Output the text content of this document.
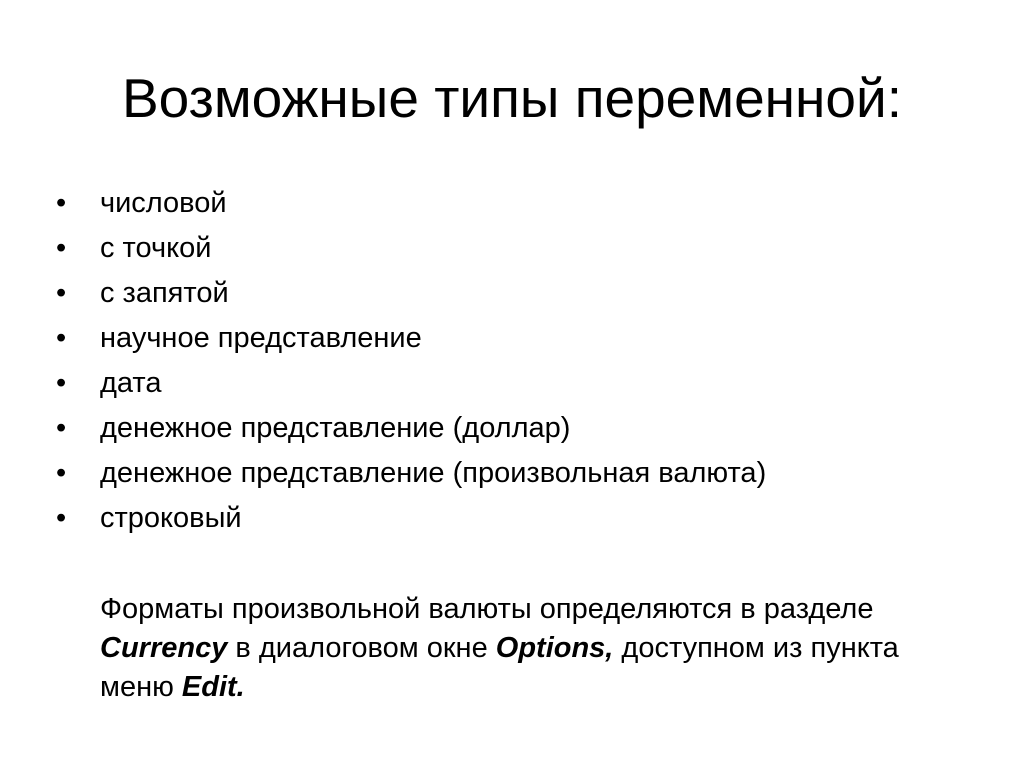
Возможные типы переменной:
•	числовой
•	с точкой
•	с запятой
•	научное представление
•	дата
•	денежное представление (доллар)
•	денежное представление (произвольная валюта)
•	строковый

Форматы произвольной валюты определяются в разделе Currency в диалоговом окне Options, доступном из пункта меню Edit.
